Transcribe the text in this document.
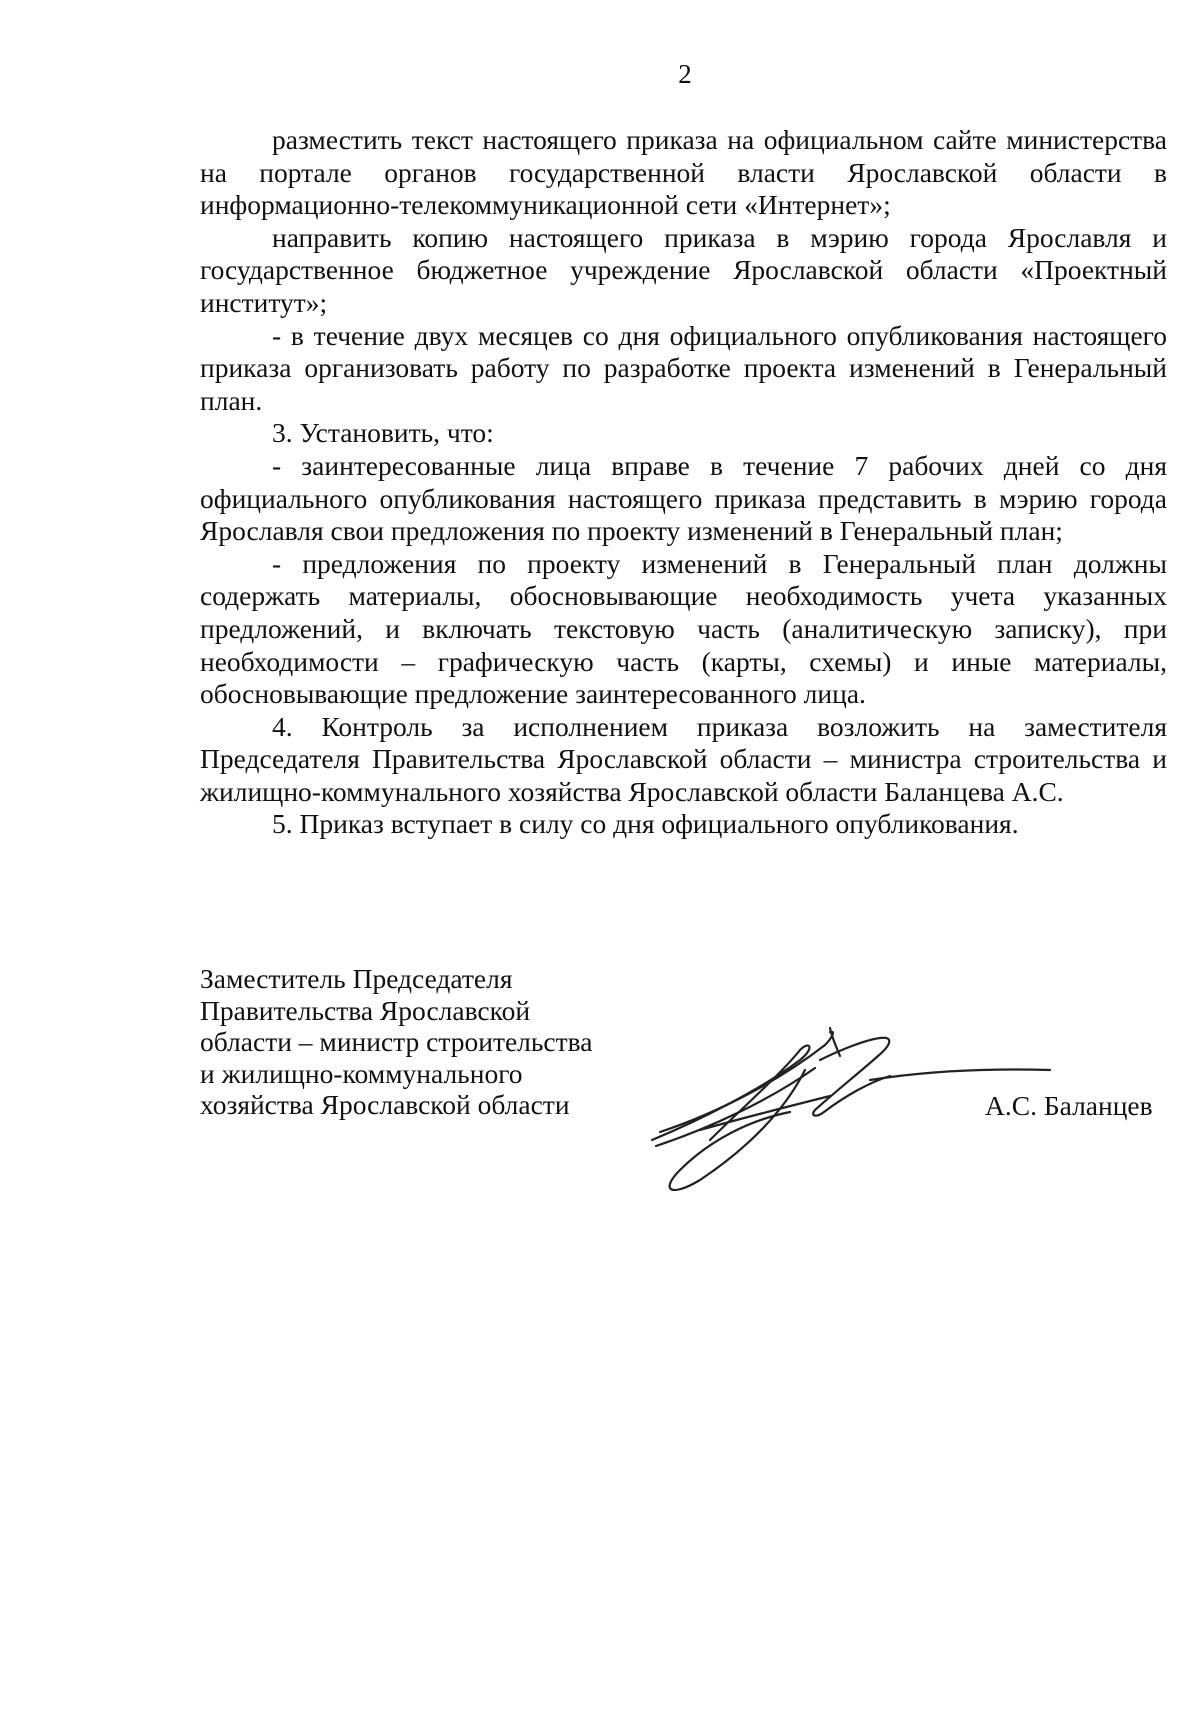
2

разместить текст настоящего приказа на официальном сайте министерства на портале органов государственной власти Ярославской области в информационно-телекоммуникационной сети «Интернет»;

направить копию настоящего приказа в мэрию города Ярославля и государственное бюджетное учреждение Ярославской области «Проектный институт»;

- в течение двух месяцев со дня официального опубликования настоящего приказа организовать работу по разработке проекта изменений в Генеральный план.

3. Установить, что:

- заинтересованные лица вправе в течение 7 рабочих дней со дня официального опубликования настоящего приказа представить в мэрию города Ярославля свои предложения по проекту изменений в Генеральный план;

- предложения по проекту изменений в Генеральный план должны содержать материалы, обосновывающие необходимость учета указанных предложений, и включать текстовую часть (аналитическую записку), при необходимости – графическую часть (карты, схемы) и иные материалы, обосновывающие предложение заинтересованного лица.

4. Контроль за исполнением приказа возложить на заместителя Председателя Правительства Ярославской области – министра строительства и жилищно-коммунального хозяйства Ярославской области Баланцева А.С.

5. Приказ вступает в силу со дня официального опубликования.

Заместитель Председателя
Правительства Ярославской
области – министр строительства
и жилищно-коммунального
хозяйства Ярославской области	А.С. Баланцев
